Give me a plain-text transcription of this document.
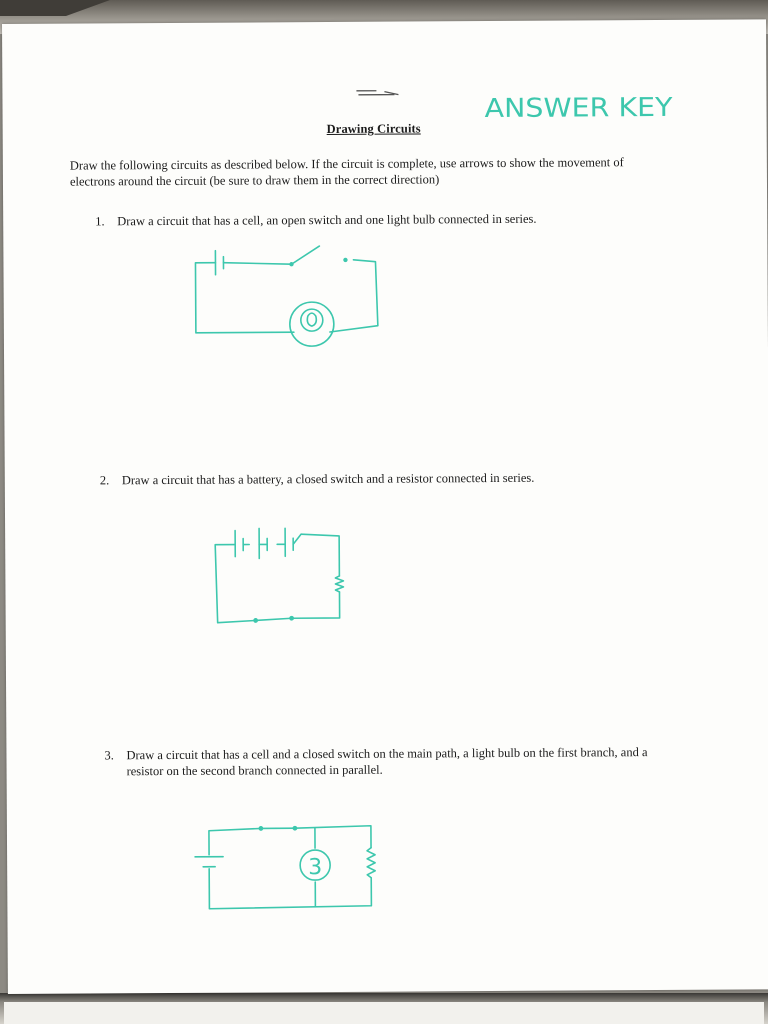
ANSWER KEY
Drawing Circuits
Draw the following circuits as described below. If the circuit is complete, use arrows to show the movement of electrons around the circuit (be sure to draw them in the correct direction)
1. Draw a circuit that has a cell, an open switch and one light bulb connected in series.
2. Draw a circuit that has a battery, a closed switch and a resistor connected in series.
3. Draw a circuit that has a cell and a closed switch on the main path, a light bulb on the first branch, and a resistor on the second branch connected in parallel.
3
